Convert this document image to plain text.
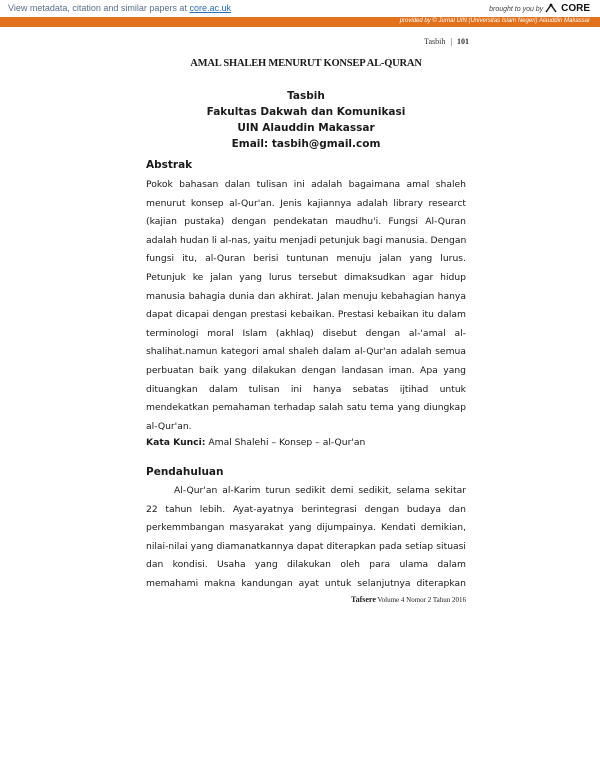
View metadata, citation and similar papers at core.ac.uk	brought to you by CORE
provided by © Jurnal UIN (Universitas Islam Negeri) Alauddin Makassar
Tasbih | 101
AMAL SHALEH MENURUT KONSEP AL-QURAN
Tasbih
Fakultas Dakwah dan Komunikasi
UIN Alauddin Makassar
Email: tasbih@gmail.com
Abstrak
Pokok bahasan dalan tulisan ini adalah bagaimana amal shaleh
menurut konsep al-Qur'an. Jenis kajiannya adalah library researct
(kajian pustaka) dengan pendekatan maudhu'i. Fungsi Al-Quran
adalah hudan li al-nas, yaitu menjadi petunjuk bagi manusia. Dengan
fungsi itu, al-Quran berisi tuntunan menuju jalan yang lurus.
Petunjuk ke jalan yang lurus tersebut dimaksudkan agar hidup
manusia bahagia dunia dan akhirat. Jalan menuju kebahagian hanya
dapat dicapai dengan prestasi kebaikan. Prestasi kebaikan itu dalam
terminologi moral Islam (akhlaq) disebut dengan al-'amal al-
shalihat.namun kategori amal shaleh dalam al-Qur'an adalah semua
perbuatan baik yang dilakukan dengan landasan iman. Apa yang
dituangkan dalam tulisan ini hanya sebatas ijtihad untuk
mendekatkan pemahaman terhadap salah satu tema yang diungkap
al-Qur'an.
Kata Kunci: Amal Shalehi – Konsep – al-Qur'an
Pendahuluan
Al-Qur'an al-Karim turun sedikit demi sedikit, selama sekitar
22 tahun lebih. Ayat-ayatnya berintegrasi dengan budaya dan
perkemmbangan masyarakat yang dijumpainya. Kendati demikian,
nilai-nilai yang diamanatkannya dapat diterapkan pada setiap situasi
dan kondisi. Usaha yang dilakukan oleh para ulama dalam
memahami makna kandungan ayat untuk selanjutnya diterapkan
Tafsere Volume 4 Nomor 2 Tahun 2016
